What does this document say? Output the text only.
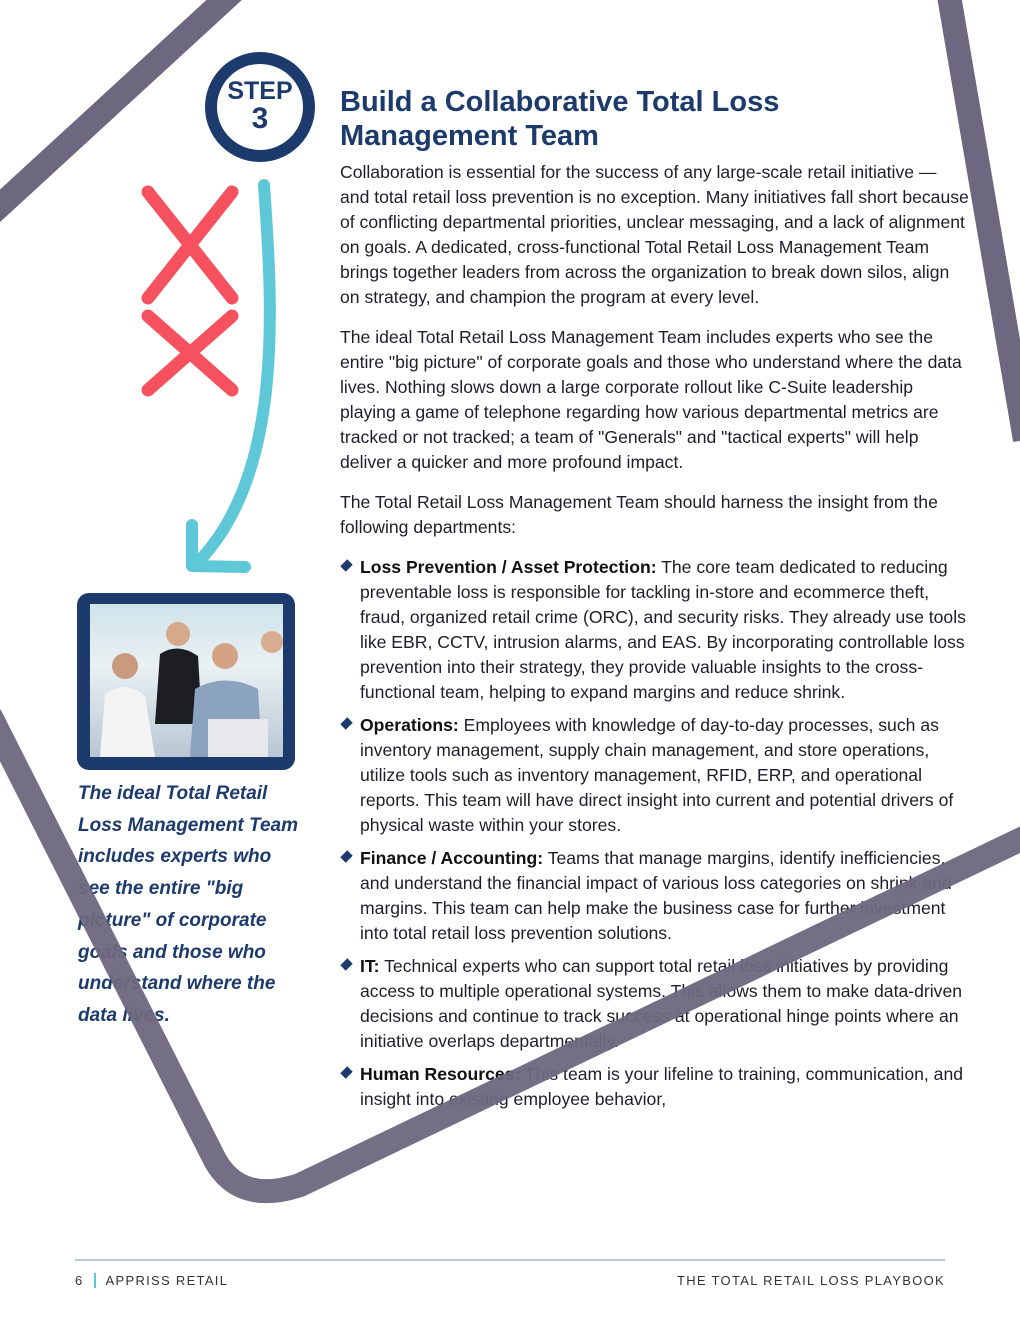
STEP
3	Build a Collaborative Total Loss Management Team

Collaboration is essential for the success of any large-scale retail initiative — and total retail loss prevention is no exception. Many initiatives fall short because of conflicting departmental priorities, unclear messaging, and a lack of alignment on goals. A dedicated, cross-functional Total Retail Loss Management Team brings together leaders from across the organization to break down silos, align on strategy, and champion the program at every level.

The ideal Total Retail Loss Management Team includes experts who see the entire "big picture" of corporate goals and those who understand where the data lives. Nothing slows down a large corporate rollout like C-Suite leadership playing a game of telephone regarding how various departmental metrics are tracked or not tracked; a team of "Generals" and "tactical experts" will help deliver a quicker and more profound impact.

The Total Retail Loss Management Team should harness the insight from the following departments:

Loss Prevention / Asset Protection: The core team dedicated to reducing preventable loss is responsible for tackling in-store and ecommerce theft, fraud, organized retail crime (ORC), and security risks. They already use tools like EBR, CCTV, intrusion alarms, and EAS. By incorporating controllable loss prevention into their strategy, they provide valuable insights to the cross-functional team, helping to expand margins and reduce shrink.
Operations: Employees with knowledge of day-to-day processes, such as inventory management, supply chain management, and store operations, utilize tools such as inventory management, RFID, ERP, and operational reports. This team will have direct insight into current and potential drivers of physical waste within your stores.
Finance / Accounting: Teams that manage margins, identify inefficiencies, and understand the financial impact of various loss categories on shrink and margins. This team can help make the business case for further investment into total retail loss prevention solutions.
IT: Technical experts who can support total retail loss initiatives by providing access to multiple operational systems. This allows them to make data-driven decisions and continue to track success at operational hinge points where an initiative overlaps departmentally.
Human Resources: This team is your lifeline to training, communication, and insight into existing employee behavior,
The ideal Total Retail Loss Management Team includes experts who see the entire "big picture" of corporate goals and those who understand where the data lives.
6 APPRISS RETAIL	THE TOTAL RETAIL LOSS PLAYBOOK
